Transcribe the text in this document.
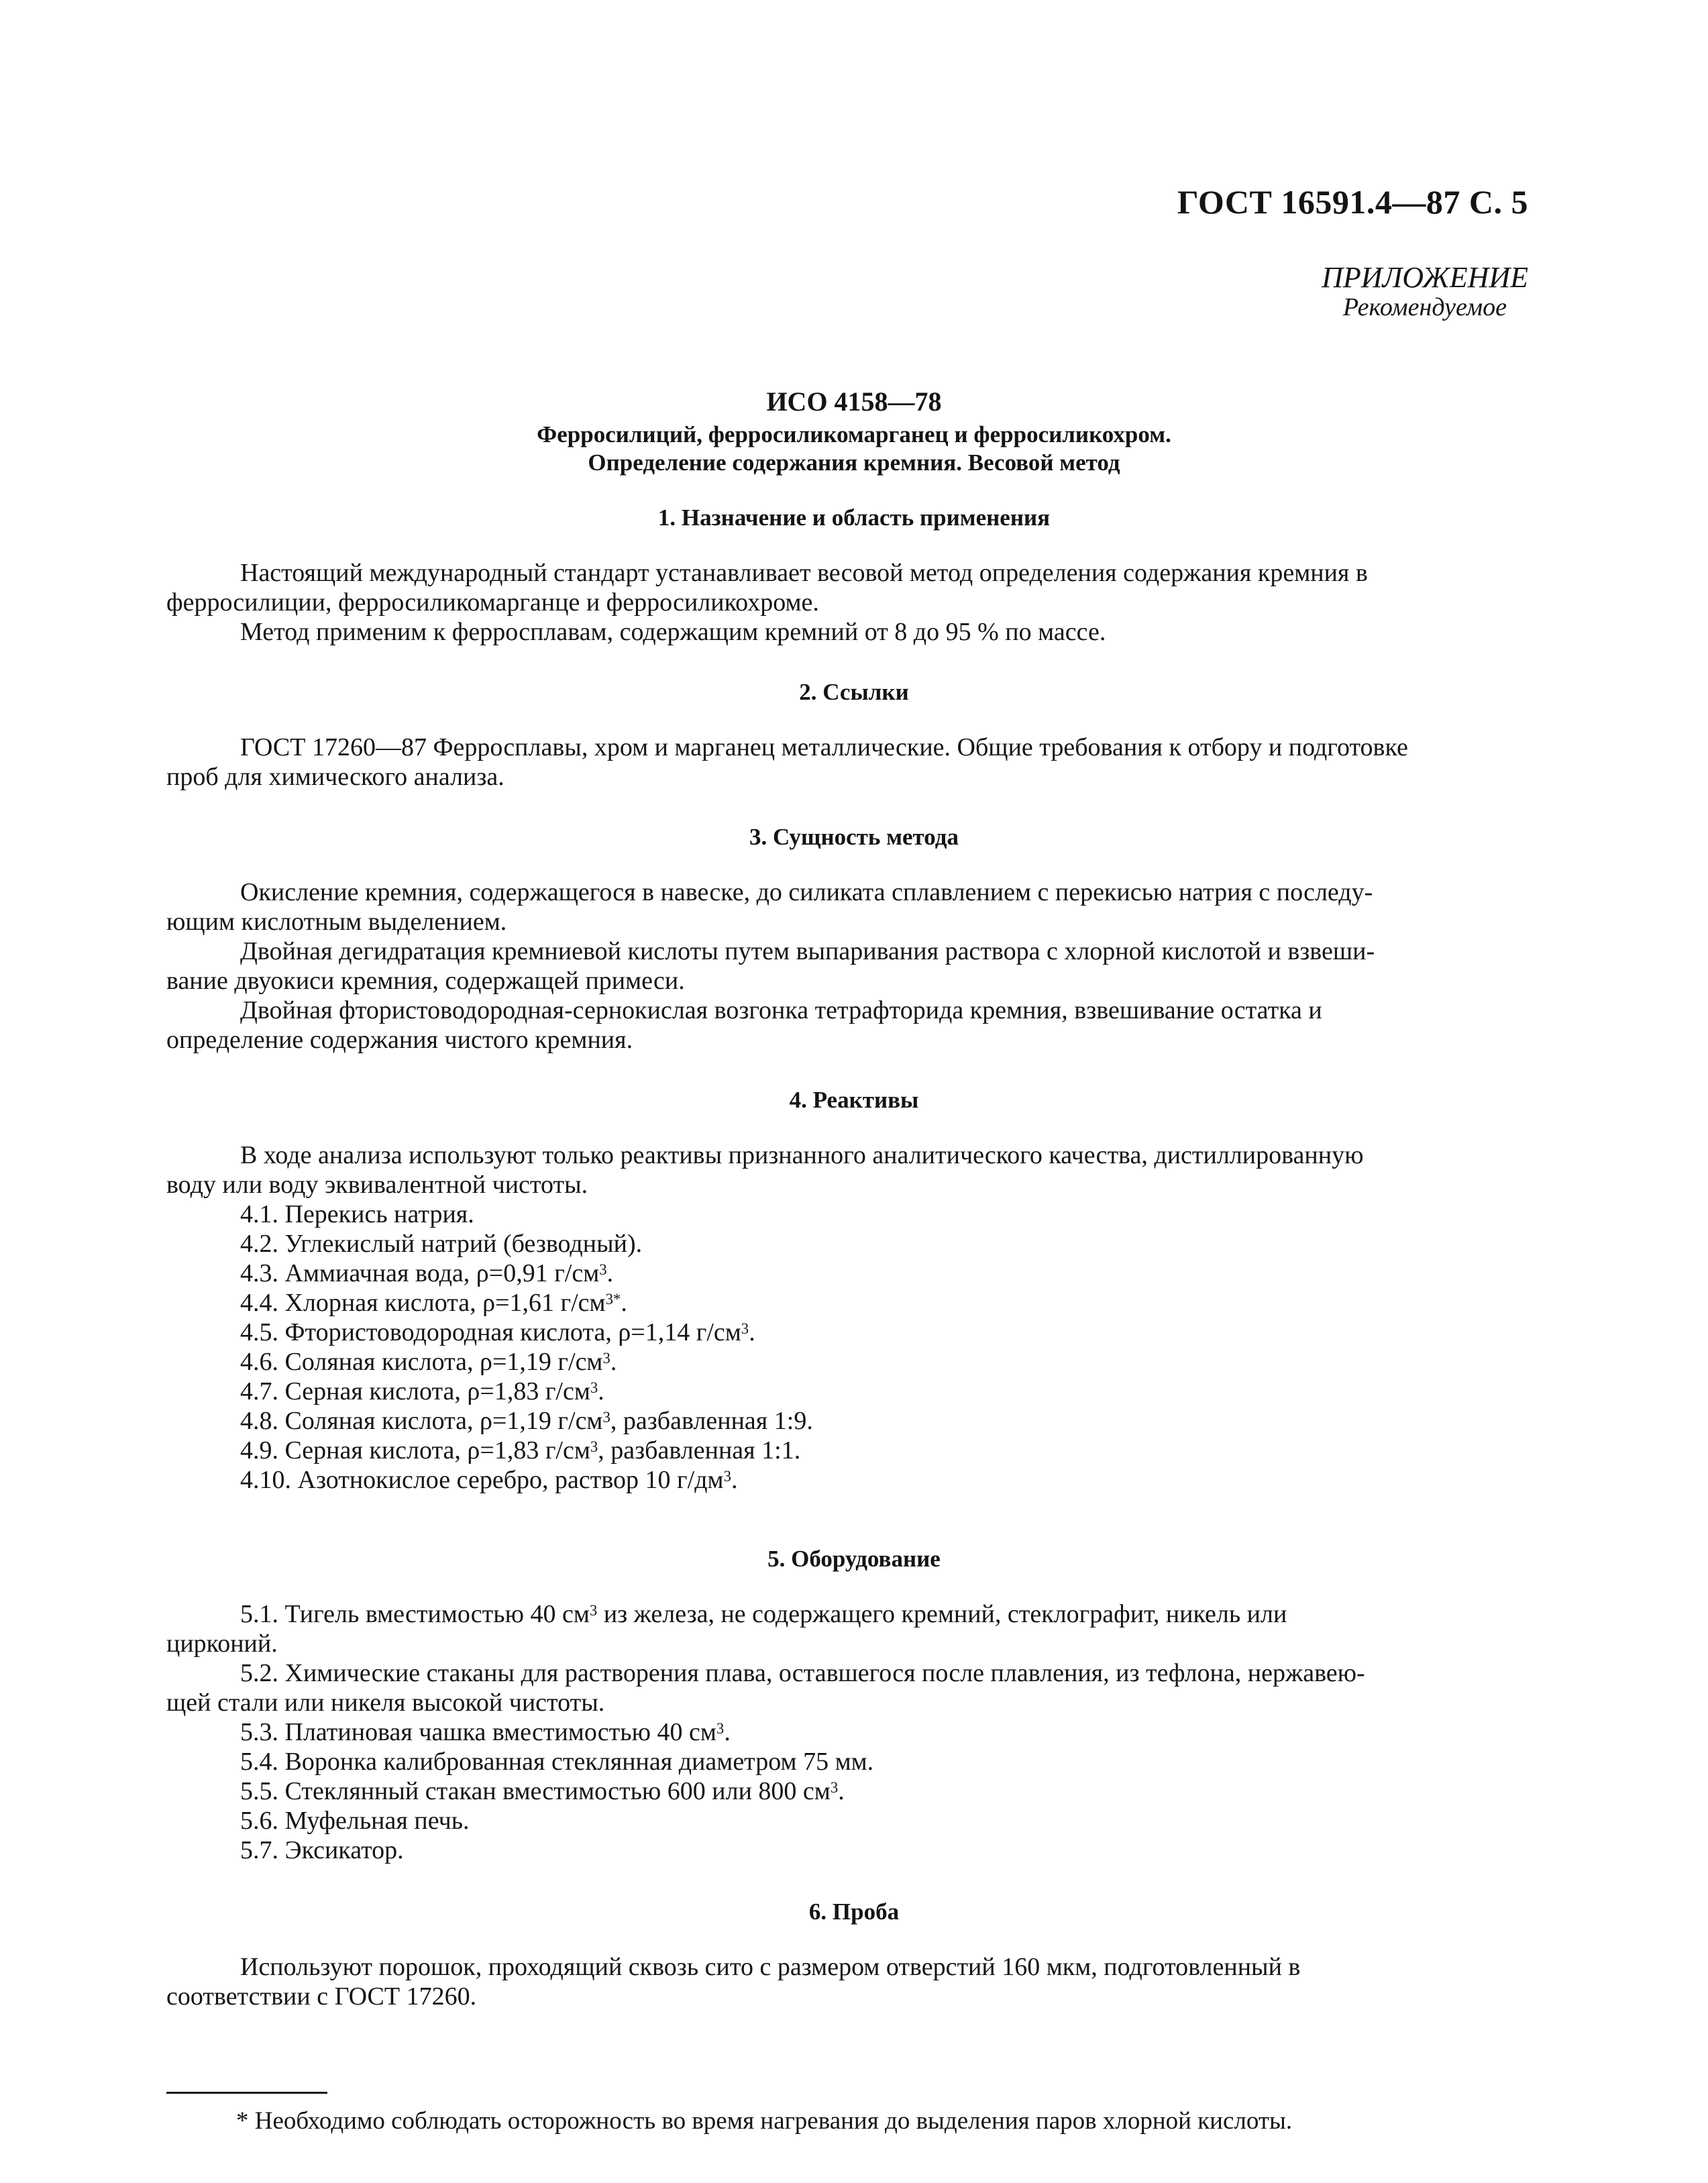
ГОСТ 16591.4—87 С. 5
ПРИЛОЖЕНИЕ
Рекомендуемое
ИСО 4158—78
Ферросилиций, ферросиликомарганец и ферросиликохром.
Определение содержания кремния. Весовой метод
1. Назначение и область применения
Настоящий международный стандарт устанавливает весовой метод определения содержания кремния в
ферросилиции, ферросиликомарганце и ферросиликохроме.
Метод применим к ферросплавам, содержащим кремний от 8 до 95 % по массе.
2. Ссылки
ГОСТ 17260—87 Ферросплавы, хром и марганец металлические. Общие требования к отбору и подготовке
проб для химического анализа.
3. Сущность метода
Окисление кремния, содержащегося в навеске, до силиката сплавлением с перекисью натрия с последу-
ющим кислотным выделением.
Двойная дегидратация кремниевой кислоты путем выпаривания раствора с хлорной кислотой и взвеши-
вание двуокиси кремния, содержащей примеси.
Двойная фтористоводородная-сернокислая возгонка тетрафторида кремния, взвешивание остатка и
определение содержания чистого кремния.
4. Реактивы
В ходе анализа используют только реактивы признанного аналитического качества, дистиллированную
воду или воду эквивалентной чистоты.
4.1. Перекись натрия.
4.2. Углекислый натрий (безводный).
4.3. Аммиачная вода, ρ=0,91 $г/см^3$.
4.4. Хлорная кислота, ρ=1,61 $г/см^{3*}$.
4.5. Фтористоводородная кислота, ρ=1,14 $г/см^3$.
4.6. Соляная кислота, ρ=1,19 $г/см^3$.
4.7. Серная кислота, ρ=1,83 $г/см^3$.
4.8. Соляная кислота, ρ=1,19 $г/см^3$, разбавленная 1:9.
4.9. Серная кислота, ρ=1,83 $г/см^3$, разбавленная 1:1.
4.10. Азотнокислое серебро, раствор 10 $г/дм^3$.
5. Оборудование
5.1. Тигель вместимостью 40 $см^3$ из железа, не содержащего кремний, стеклографит, никель или
цирконий.
5.2. Химические стаканы для растворения плава, оставшегося после плавления, из тефлона, нержавею-
щей стали или никеля высокой чистоты.
5.3. Платиновая чашка вместимостью 40 $см^3$.
5.4. Воронка калиброванная стеклянная диаметром 75 мм.
5.5. Стеклянный стакан вместимостью 600 или 800 $см^3$.
5.6. Муфельная печь.
5.7. Эксикатор.
6. Проба
Используют порошок, проходящий сквозь сито с размером отверстий 160 мкм, подготовленный в
соответствии с ГОСТ 17260.
* Необходимо соблюдать осторожность во время нагревания до выделения паров хлорной кислоты.
